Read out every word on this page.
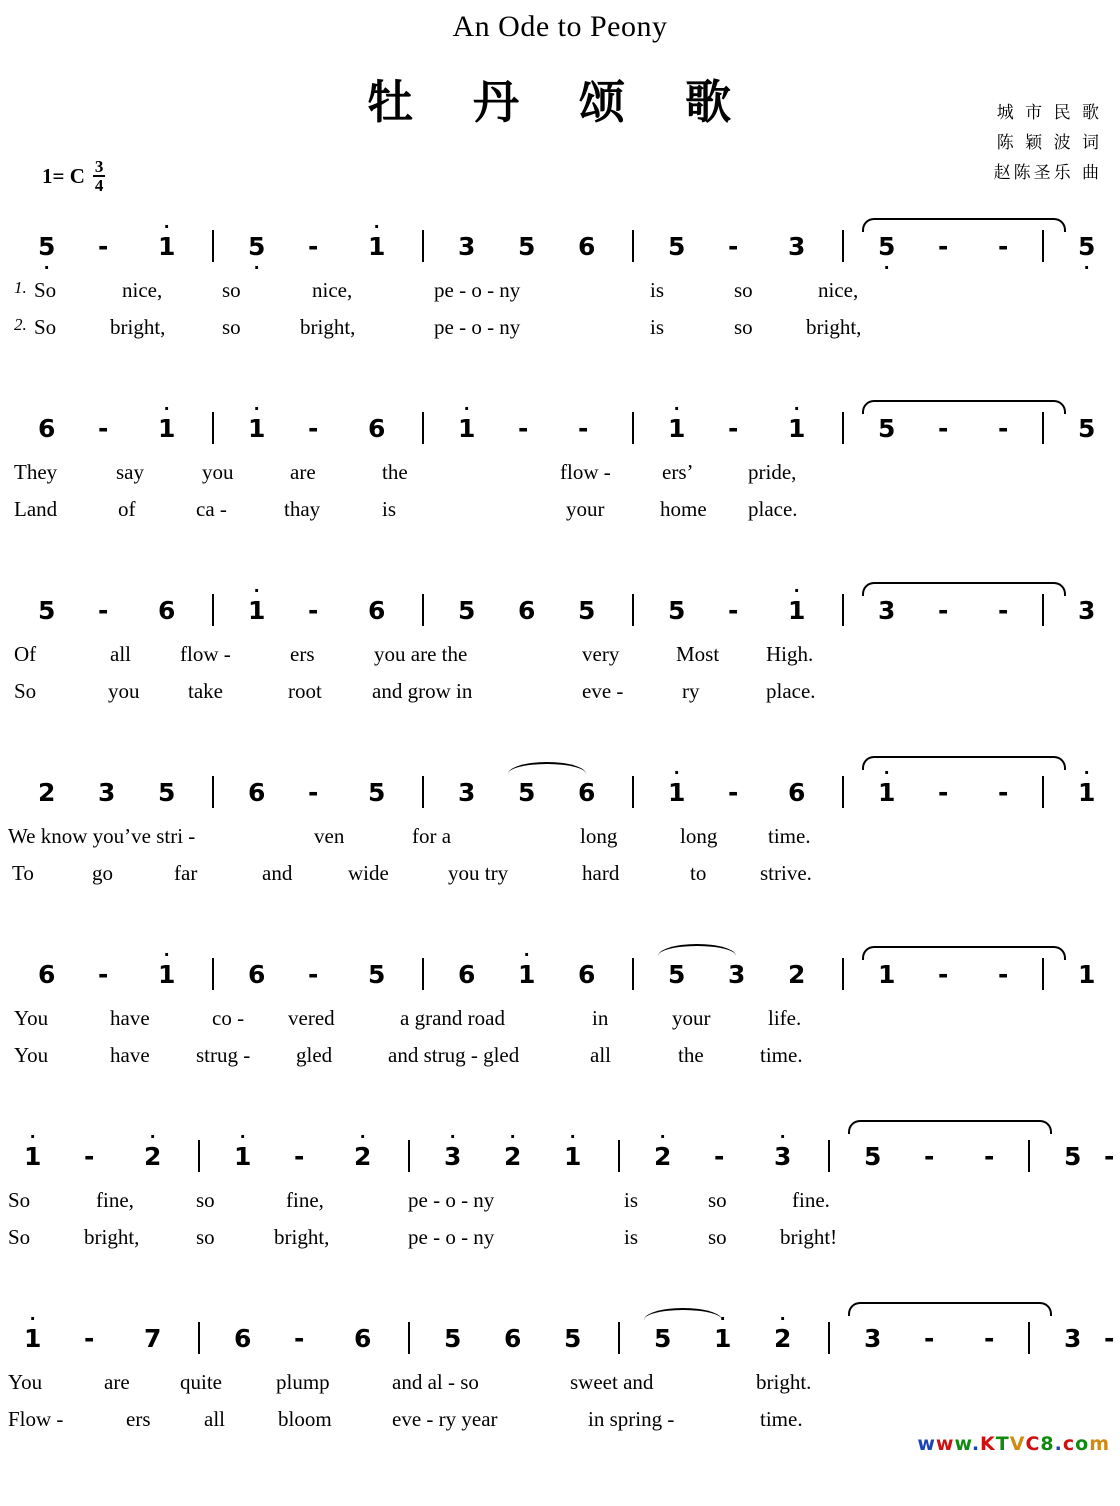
An Ode to Peony
牡 丹 颂 歌	城 市 民 歌
陈 颖 波 词
赵陈圣乐 曲
1= C $\frac{3}{4}$
5
·
- 1
·
5
·
- 1
·
3 5 6	5 - 3	5
·
- -	5
·
1. So	nice,	so	nice,	pe - o - ny	is	so	nice,
2. So	bright,	so	bright,	pe - o - ny	is	so	bright,
6 - 1
·
1
·
- 6	1
·
- -	1
·
- 1
·
5 - -	5
They	say	you	are	the	flow - ers’	pride,
Land	of	ca -	thay	is	your	home place.
5 - 6	1
·
- 6	5 6 5	5 - 1
·
3 - -	3
Of	all flow -	ers	you are the	very	Most High.
So	you take	root and grow in	eve -	ry	place.
2 3 5	6 - 5	3 5 6	1
·
- 6	1
·
- -	1
·
We know you’ve stri -	ven	for a	long	long time.
To	go	far	and	wide	you try	hard	to	strive.
6 - 1
·
6 - 5	6 1
·
6	5 3 2	1 - -	1
You	have	co - vered	a grand road	in	your	life.
You	have strug - gled	and strug - gled	all	the	time.
1
·
- 2
·
1
·
- 2
·
3
·
2
·
1
·
2
·
- 3
·
5 - -	5 -
So	fine,	so	fine,	pe - o - ny	is	so	fine.
So	bright,	so	bright,	pe - o - ny	is	so	bright!
1
·
- 7	6 - 6	5 6 5	5 1
·
2
·
3 - -	3 -
You	are quite	plump	and al - so	sweet and	bright.
Flow -	ers	all	bloom	eve - ry year	in spring -	time.
www.KTVC8.com
